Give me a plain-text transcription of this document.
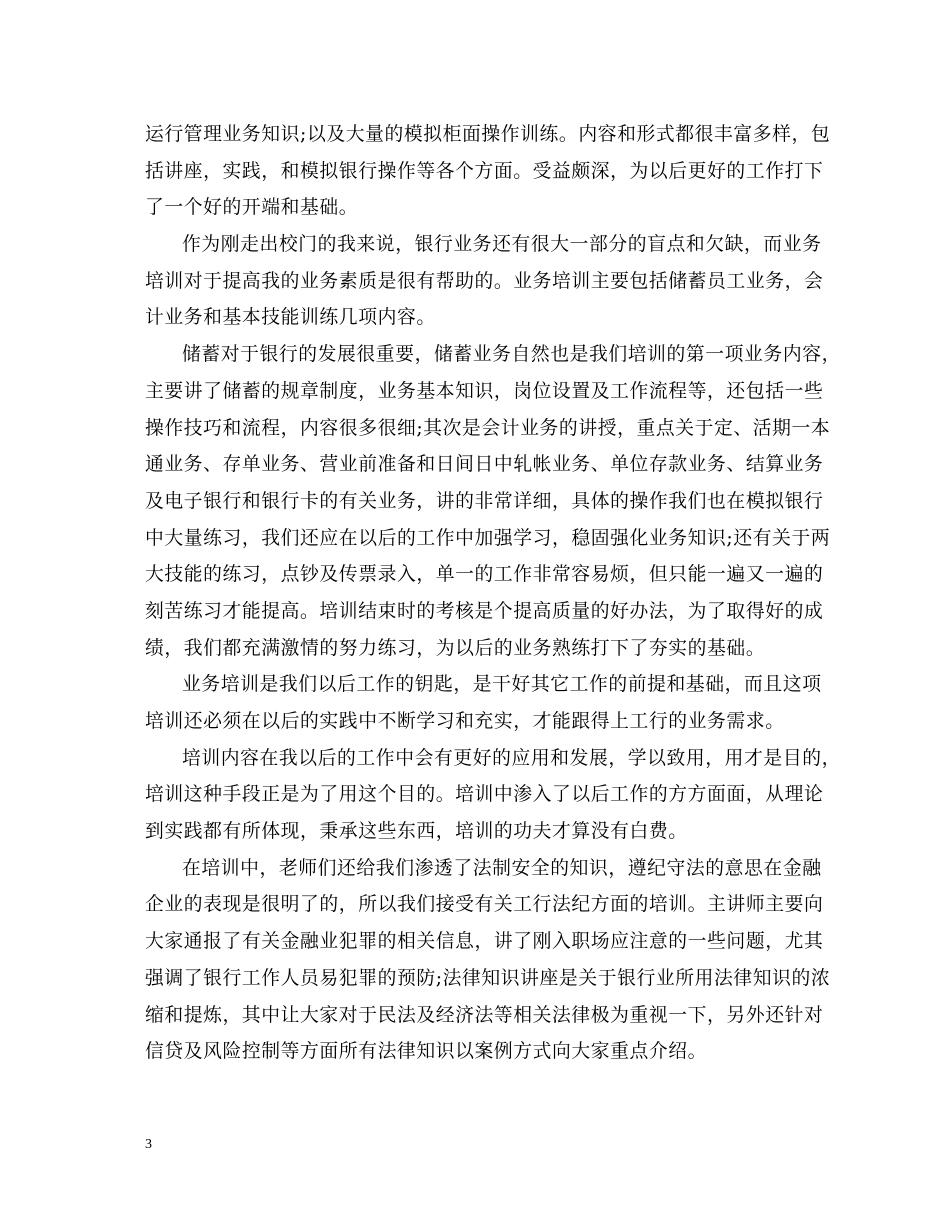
运行管理业务知识;以及大量的模拟柜面操作训练。内容和形式都很丰富多样，包
括讲座，实践，和模拟银行操作等各个方面。受益颇深，为以后更好的工作打下
了一个好的开端和基础。
作为刚走出校门的我来说，银行业务还有很大一部分的盲点和欠缺，而业务
培训对于提高我的业务素质是很有帮助的。业务培训主要包括储蓄员工业务，会
计业务和基本技能训练几项内容。
储蓄对于银行的发展很重要，储蓄业务自然也是我们培训的第一项业务内容，
主要讲了储蓄的规章制度，业务基本知识，岗位设置及工作流程等，还包括一些
操作技巧和流程，内容很多很细;其次是会计业务的讲授，重点关于定、活期一本
通业务、存单业务、营业前准备和日间日中轧帐业务、单位存款业务、结算业务
及电子银行和银行卡的有关业务，讲的非常详细，具体的操作我们也在模拟银行
中大量练习，我们还应在以后的工作中加强学习，稳固强化业务知识;还有关于两
大技能的练习，点钞及传票录入，单一的工作非常容易烦，但只能一遍又一遍的
刻苦练习才能提高。培训结束时的考核是个提高质量的好办法，为了取得好的成
绩，我们都充满激情的努力练习，为以后的业务熟练打下了夯实的基础。
业务培训是我们以后工作的钥匙，是干好其它工作的前提和基础，而且这项
培训还必须在以后的实践中不断学习和充实，才能跟得上工行的业务需求。
培训内容在我以后的工作中会有更好的应用和发展，学以致用，用才是目的，
培训这种手段正是为了用这个目的。培训中渗入了以后工作的方方面面，从理论
到实践都有所体现，秉承这些东西，培训的功夫才算没有白费。
在培训中，老师们还给我们渗透了法制安全的知识，遵纪守法的意思在金融
企业的表现是很明了的，所以我们接受有关工行法纪方面的培训。主讲师主要向
大家通报了有关金融业犯罪的相关信息，讲了刚入职场应注意的一些问题，尤其
强调了银行工作人员易犯罪的预防;法律知识讲座是关于银行业所用法律知识的浓
缩和提炼，其中让大家对于民法及经济法等相关法律极为重视一下，另外还针对
信贷及风险控制等方面所有法律知识以案例方式向大家重点介绍。
3
